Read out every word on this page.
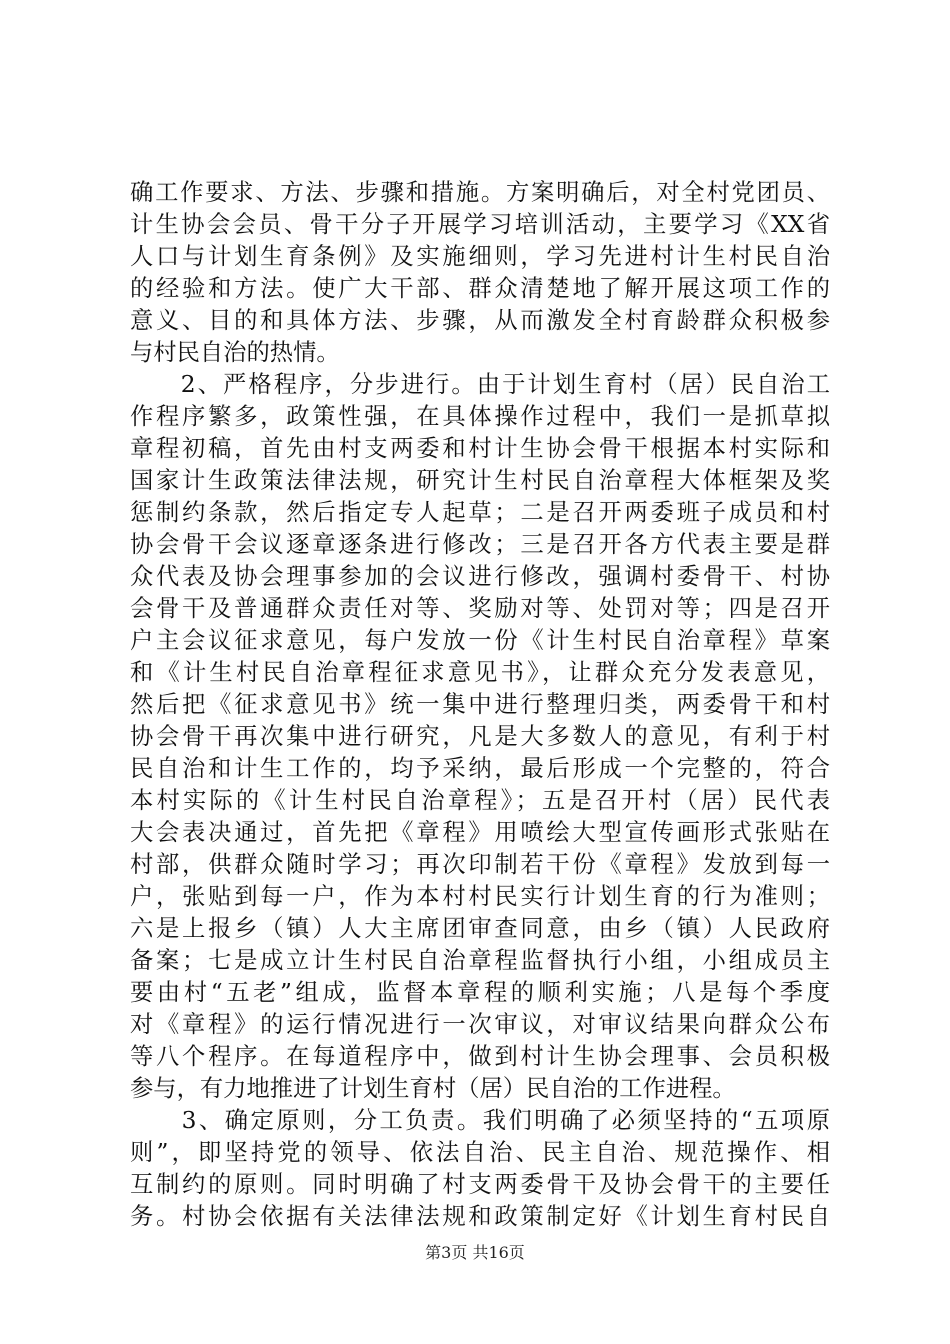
确工作要求、方法、步骤和措施。方案明确后，对全村党团员、
计生协会会员、骨干分子开展学习培训活动，主要学习《XX省
人口与计划生育条例》及实施细则，学习先进村计生村民自治
的经验和方法。使广大干部、群众清楚地了解开展这项工作的
意义、目的和具体方法、步骤，从而激发全村育龄群众积极参
与村民自治的热情。
　　2、严格程序，分步进行。由于计划生育村（居）民自治工
作程序繁多，政策性强，在具体操作过程中，我们一是抓草拟
章程初稿，首先由村支两委和村计生协会骨干根据本村实际和
国家计生政策法律法规，研究计生村民自治章程大体框架及奖
惩制约条款，然后指定专人起草；二是召开两委班子成员和村
协会骨干会议逐章逐条进行修改；三是召开各方代表主要是群
众代表及协会理事参加的会议进行修改，强调村委骨干、村协
会骨干及普通群众责任对等、奖励对等、处罚对等；四是召开
户主会议征求意见，每户发放一份《计生村民自治章程》草案
和《计生村民自治章程征求意见书》，让群众充分发表意见，
然后把《征求意见书》统一集中进行整理归类，两委骨干和村
协会骨干再次集中进行研究，凡是大多数人的意见，有利于村
民自治和计生工作的，均予采纳，最后形成一个完整的，符合
本村实际的《计生村民自治章程》；五是召开村（居）民代表
大会表决通过，首先把《章程》用喷绘大型宣传画形式张贴在
村部，供群众随时学习；再次印制若干份《章程》发放到每一
户，张贴到每一户，作为本村村民实行计划生育的行为准则；
六是上报乡（镇）人大主席团审查同意，由乡（镇）人民政府
备案；七是成立计生村民自治章程监督执行小组，小组成员主
要由村“五老”组成，监督本章程的顺利实施；八是每个季度
对《章程》的运行情况进行一次审议，对审议结果向群众公布
等八个程序。在每道程序中，做到村计生协会理事、会员积极
参与，有力地推进了计划生育村（居）民自治的工作进程。
　　3、确定原则，分工负责。我们明确了必须坚持的“五项原
则”，即坚持党的领导、依法自治、民主自治、规范操作、相
互制约的原则。同时明确了村支两委骨干及协会骨干的主要任
务。村协会依据有关法律法规和政策制定好《计划生育村民自
第3页 共16页
